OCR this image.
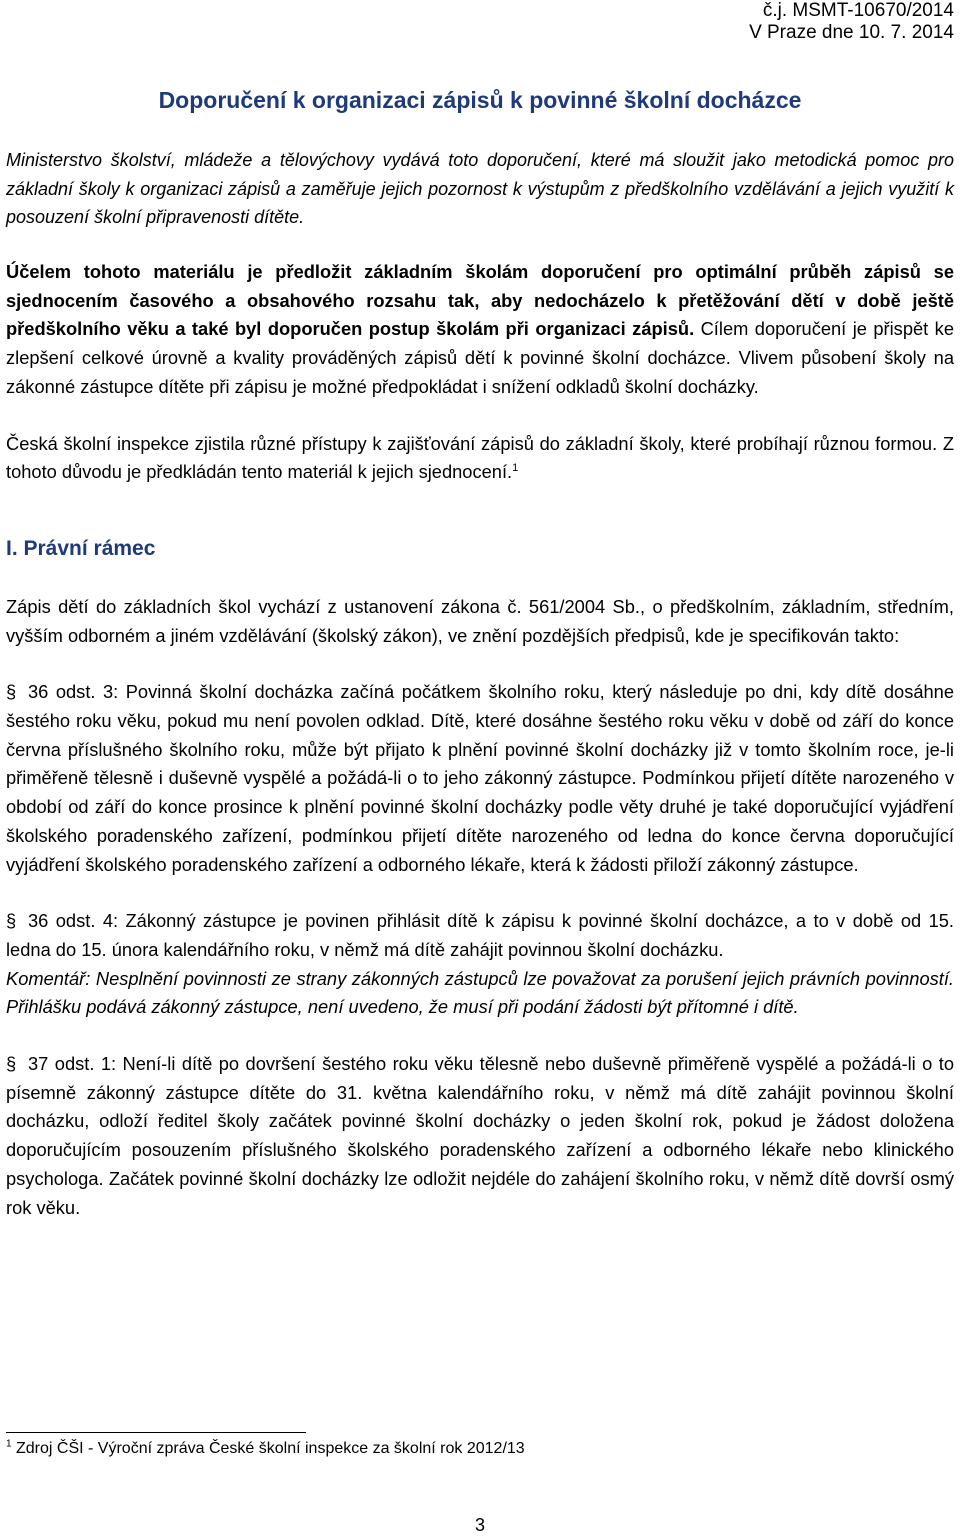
č.j. MSMT-10670/2014
V Praze dne 10. 7. 2014
Doporučení k organizaci zápisů k povinné školní docházce

Ministerstvo školství, mládeže a tělovýchovy vydává toto doporučení, které má sloužit jako metodická pomoc pro základní školy k organizaci zápisů a zaměřuje jejich pozornost k výstupům z předškolního vzdělávání a jejich využití k posouzení školní připravenosti dítěte.

Účelem tohoto materiálu je předložit základním školám doporučení pro optimální průběh zápisů se sjednocením časového a obsahového rozsahu tak, aby nedocházelo k přetěžování dětí v době ještě předškolního věku a také byl doporučen postup školám při organizaci zápisů. Cílem doporučení je přispět ke zlepšení celkové úrovně a kvality prováděných zápisů dětí k povinné školní docházce. Vlivem působení školy na zákonné zástupce dítěte při zápisu je možné předpokládat i snížení odkladů školní docházky.

Česká školní inspekce zjistila různé přístupy k zajišťování zápisů do základní školy, které probíhají různou formou. Z tohoto důvodu je předkládán tento materiál k jejich sjednocení.$^1$

I. Právní rámec

Zápis dětí do základních škol vychází z ustanovení zákona č. 561/2004 Sb., o předškolním, základním, středním, vyšším odborném a jiném vzdělávání (školský zákon), ve znění pozdějších předpisů, kde je specifikován takto:

§ 36 odst. 3: Povinná školní docházka začíná počátkem školního roku, který následuje po dni, kdy dítě dosáhne šestého roku věku, pokud mu není povolen odklad. Dítě, které dosáhne šestého roku věku v době od září do konce června příslušného školního roku, může být přijato k plnění povinné školní docházky již v tomto školním roce, je-li přiměřeně tělesně i duševně vyspělé a požádá-li o to jeho zákonný zástupce. Podmínkou přijetí dítěte narozeného v období od září do konce prosince k plnění povinné školní docházky podle věty druhé je také doporučující vyjádření školského poradenského zařízení, podmínkou přijetí dítěte narozeného od ledna do konce června doporučující vyjádření školského poradenského zařízení a odborného lékaře, která k žádosti přiloží zákonný zástupce.

§ 36 odst. 4: Zákonný zástupce je povinen přihlásit dítě k zápisu k povinné školní docházce, a to v době od 15. ledna do 15. února kalendářního roku, v němž má dítě zahájit povinnou školní docházku.

Komentář: Nesplnění povinnosti ze strany zákonných zástupců lze považovat za porušení jejich právních povinností. Přihlášku podává zákonný zástupce, není uvedeno, že musí při podání žádosti být přítomné i dítě.

§ 37 odst. 1: Není-li dítě po dovršení šestého roku věku tělesně nebo duševně přiměřeně vyspělé a požádá-li o to písemně zákonný zástupce dítěte do 31. května kalendářního roku, v němž má dítě zahájit povinnou školní docházku, odloží ředitel školy začátek povinné školní docházky o jeden školní rok, pokud je žádost doložena doporučujícím posouzením příslušného školského poradenského zařízení a odborného lékaře nebo klinického psychologa. Začátek povinné školní docházky lze odložit nejdéle do zahájení školního roku, v němž dítě dovrší osmý rok věku.

$^1$ Zdroj ČŠI - Výroční zpráva České školní inspekce za školní rok 2012/13
3
